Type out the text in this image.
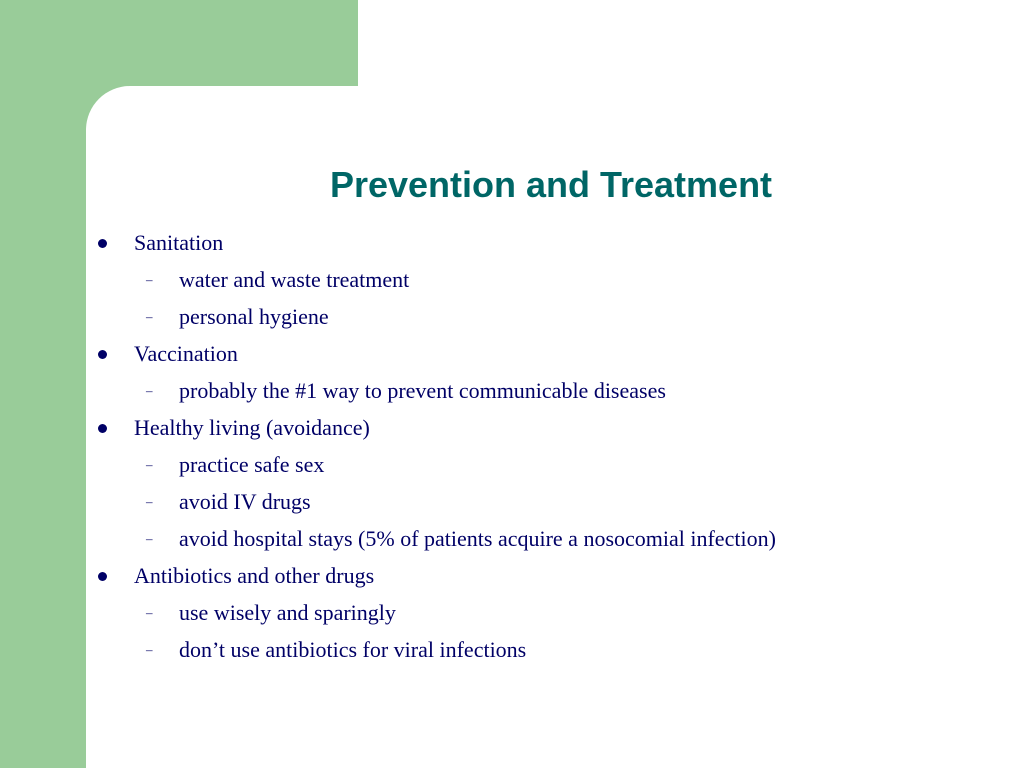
Prevention and Treatment
Sanitation
– water and waste treatment
– personal hygiene
Vaccination
– probably the #1 way to prevent communicable diseases
Healthy living (avoidance)
– practice safe sex
– avoid IV drugs
– avoid hospital stays (5% of patients acquire a nosocomial infection)
Antibiotics and other drugs
– use wisely and sparingly
– don’t use antibiotics for viral infections
